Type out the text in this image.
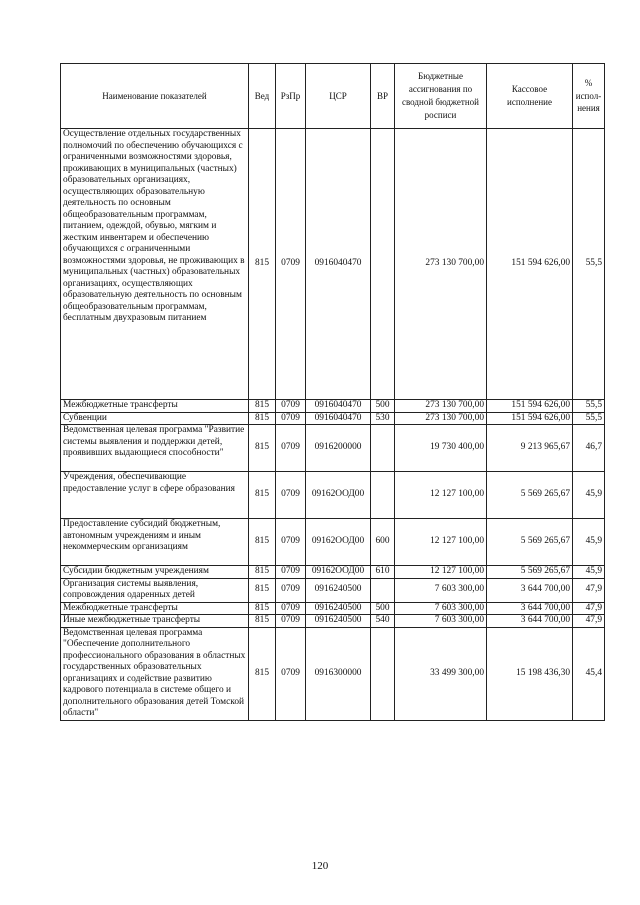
Наименование показателей	Вед	РзПр	ЦСР	ВР	Бюджетные ассигнования по сводной бюджетной росписи	Кассовое исполнение	% испол-нения

Осуществление отдельных государственных полномочий по обеспечению обучающихся с ограниченными возможностями здоровья, проживающих в муниципальных (частных) образовательных организациях, осуществляющих образовательную деятельность по основным общеобразовательным программам, питанием, одеждой, обувью, мягким и жестким инвентарем и обеспечению обучающихся с ограниченными возможностями здоровья, не проживающих в муниципальных (частных) образовательных организациях, осуществляющих образовательную деятельность по основным общеобразовательным программам, бесплатным двухразовым питанием	815	0709	0916040470		273 130 700,00	151 594 626,00	55,5
Межбюджетные трансферты	815	0709	0916040470	500	273 130 700,00	151 594 626,00	55,5
Субвенции	815	0709	0916040470	530	273 130 700,00	151 594 626,00	55,5
Ведомственная целевая программа "Развитие системы выявления и поддержки детей, проявивших выдающиеся способности"	815	0709	0916200000		19 730 400,00	9 213 965,67	46,7
Учреждения, обеспечивающие предоставление услуг в сфере образования	815	0709	09162ООД00		12 127 100,00	5 569 265,67	45,9
Предоставление субсидий бюджетным, автономным учреждениям и иным некоммерческим организациям	815	0709	09162ООД00	600	12 127 100,00	5 569 265,67	45,9
Субсидии бюджетным учреждениям	815	0709	09162ООД00	610	12 127 100,00	5 569 265,67	45,9
Организация системы выявления, сопровождения одаренных детей	815	0709	0916240500		7 603 300,00	3 644 700,00	47,9
Межбюджетные трансферты	815	0709	0916240500	500	7 603 300,00	3 644 700,00	47,9
Иные межбюджетные трансферты	815	0709	0916240500	540	7 603 300,00	3 644 700,00	47,9
Ведомственная целевая программа "Обеспечение дополнительного профессионального образования в областных государственных образовательных организациях и содействие развитию кадрового потенциала в системе общего и дополнительного образования детей Томской области"	815	0709	0916300000		33 499 300,00	15 198 436,30	45,4
120
